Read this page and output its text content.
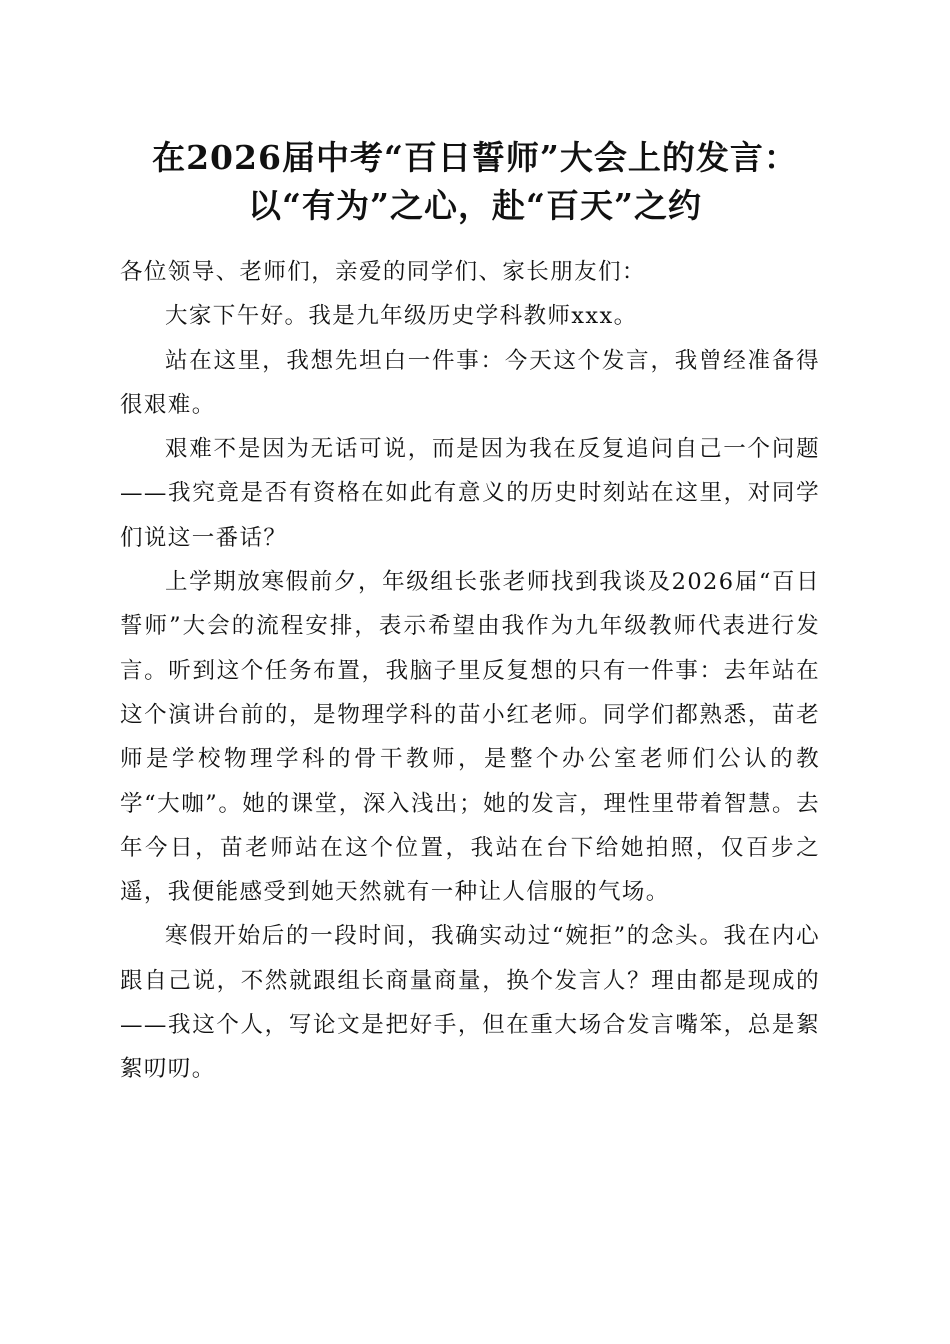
在2026届中考“百日誓师”大会上的发言：
以“有为”之心，赴“百天”之约

各位领导、老师们，亲爱的同学们、家长朋友们：

大家下午好。我是九年级历史学科教师xxx。

站在这里，我想先坦白一件事：今天这个发言，我曾经准备得很艰难。

艰难不是因为无话可说，而是因为我在反复追问自己一个问题——我究竟是否有资格在如此有意义的历史时刻站在这里，对同学们说这一番话？

上学期放寒假前夕，年级组长张老师找到我谈及2026届“百日誓师”大会的流程安排，表示希望由我作为九年级教师代表进行发言。听到这个任务布置，我脑子里反复想的只有一件事：去年站在这个演讲台前的，是物理学科的苗小红老师。同学们都熟悉，苗老师是学校物理学科的骨干教师，是整个办公室老师们公认的教学“大咖”。她的课堂，深入浅出；她的发言，理性里带着智慧。去年今日，苗老师站在这个位置，我站在台下给她拍照，仅百步之遥，我便能感受到她天然就有一种让人信服的气场。

寒假开始后的一段时间，我确实动过“婉拒”的念头。我在内心跟自己说，不然就跟组长商量商量，换个发言人？理由都是现成的——我这个人，写论文是把好手，但在重大场合发言嘴笨，总是絮絮叨叨。
